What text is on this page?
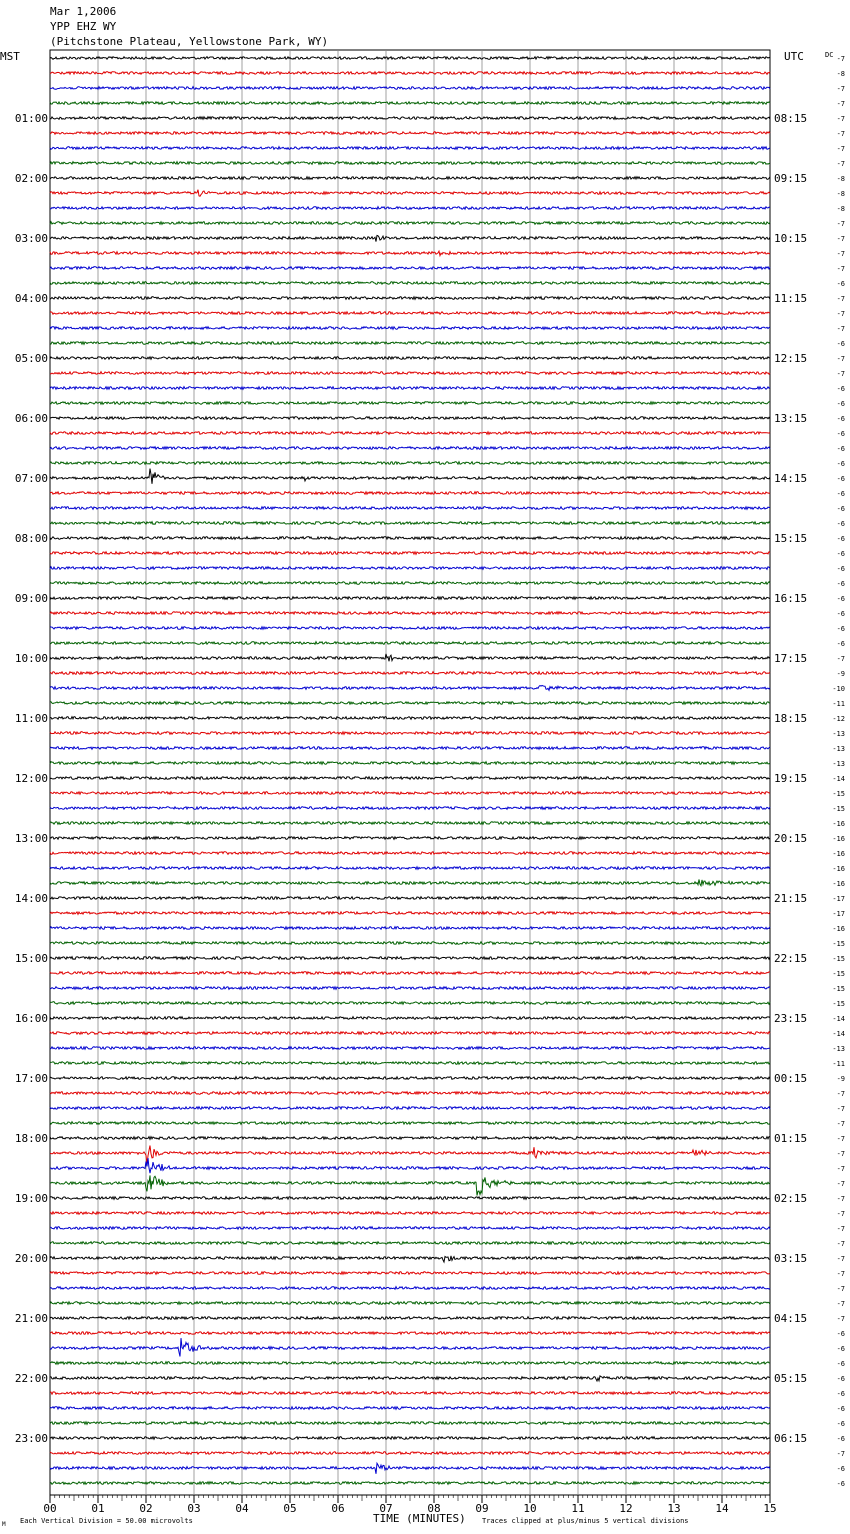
Mar 1,2006
YPP EHZ WY
(Pitchstone Plateau, Yellowstone Park, WY)
MST	UTC	DC
TIME (MINUTES)
Each Vertical Division = 50.00 microvolts	Traces clipped at plus/minus 5 vertical divisions
M
00	01	02	03	04	05	06	07	08	09	10	11	12	13	14	15
-7
-8
-7
-7
-7
-7
-7
-7
-8
-8
-8
-7
-7
-7
-7
-6
-7
-7
-7
-6
-7
-7
-6
-6
-6
-6
-6
-6
-6
-6
-6
-6
-6
-6
-6
-6
-6
-6
-6
-6
-7
-9
-10
-11
-12
-13
-13
-13
-14
-15
-15
-16
-16
-16
-16
-16
-17
-17
-16
-15
-15
-15
-15
-15
-14
-14
-13
-11
-9
-7
-7
-7
-7
-7
-7
-7
-7
-7
-7
-7
-7
-7
-7
-7
-7
-6
-6
-6
-6
-6
-6
-6
-6
-7
-6
-6
01:00
02:00
03:00
04:00
05:00
06:00
07:00
08:00
09:00
10:00
11:00
12:00
13:00
14:00
15:00
16:00
17:00
18:00
19:00
20:00
21:00
22:00
23:00
08:15
09:15
10:15
11:15
12:15
13:15
14:15
15:15
16:15
17:15
18:15
19:15
20:15
21:15
22:15
23:15
00:15
01:15
02:15
03:15
04:15
05:15
06:15
